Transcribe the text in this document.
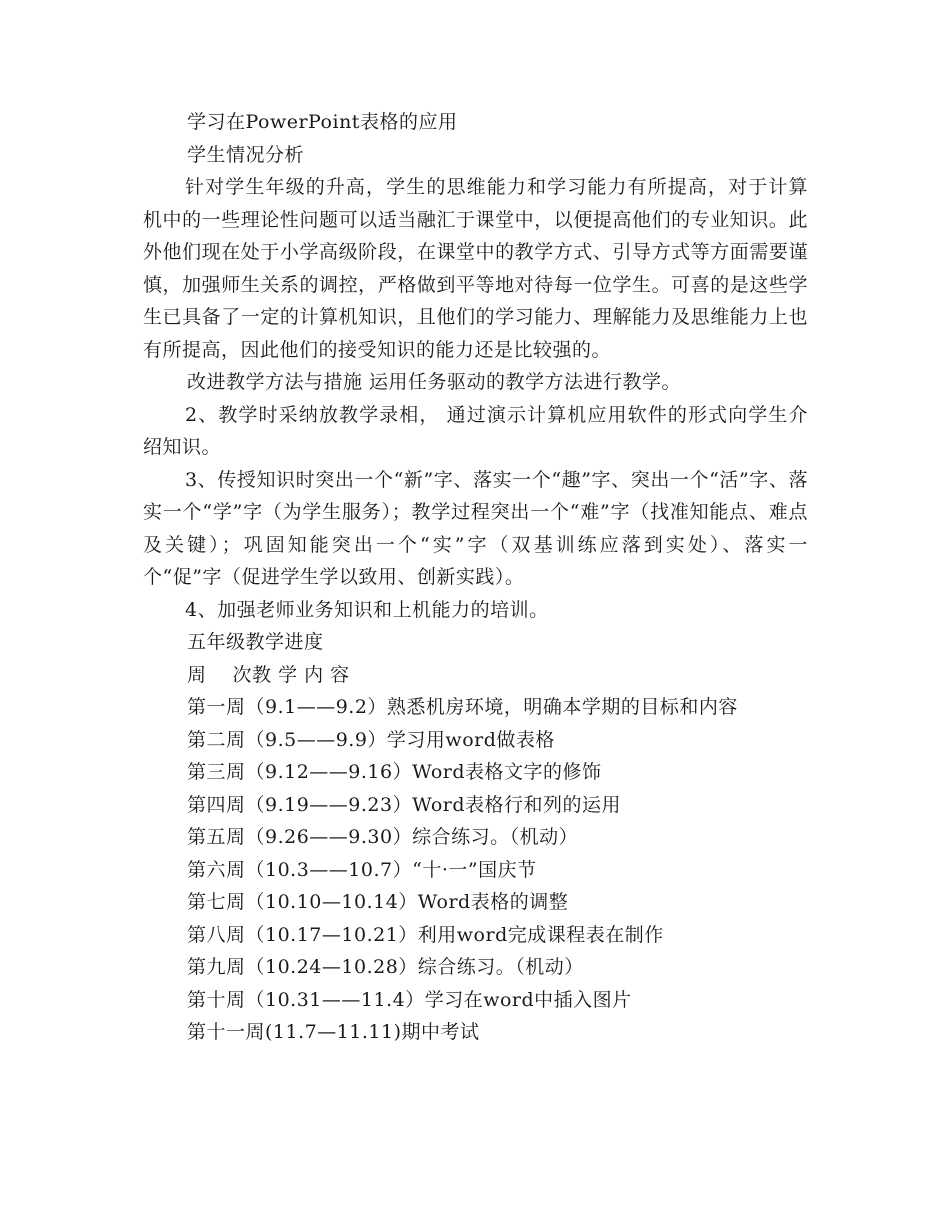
学习在PowerPoint表格的应用

学生情况分析

针对学生年级的升高，学生的思维能力和学习能力有所提高，对于计算机中的一些理论性问题可以适当融汇于课堂中，以便提高他们的专业知识。此外他们现在处于小学高级阶段，在课堂中的教学方式、引导方式等方面需要谨慎，加强师生关系的调控，严格做到平等地对待每一位学生。可喜的是这些学生已具备了一定的计算机知识，且他们的学习能力、理解能力及思维能力上也有所提高，因此他们的接受知识的能力还是比较强的。

改进教学方法与措施 运用任务驱动的教学方法进行教学。

2、教学时采纳放教学录相， 通过演示计算机应用软件的形式向学生介绍知识。

3、传授知识时突出一个“新”字、落实一个“趣”字、突出一个“活”字、落实一个“学”字（为学生服务）；教学过程突出一个“难”字（找准知能点、难点及关键）；巩固知能突出一个“实”字（双基训练应落到实处）、落实一个“促”字（促进学生学以致用、创新实践）。

4、加强老师业务知识和上机能力的培训。

五年级教学进度

周　 次教 学 内 容

第一周（9.1——9.2）熟悉机房环境，明确本学期的目标和内容

第二周（9.5——9.9）学习用word做表格

第三周（9.12——9.16）Word表格文字的修饰

第四周（9.19——9.23）Word表格行和列的运用

第五周（9.26——9.30）综合练习。（机动）

第六周（10.3——10.7）“十·一”国庆节

第七周（10.10—10.14）Word表格的调整

第八周（10.17—10.21）利用word完成课程表在制作

第九周（10.24—10.28）综合练习。（机动）

第十周（10.31——11.4）学习在word中插入图片

第十一周(11.7—11.11)期中考试
